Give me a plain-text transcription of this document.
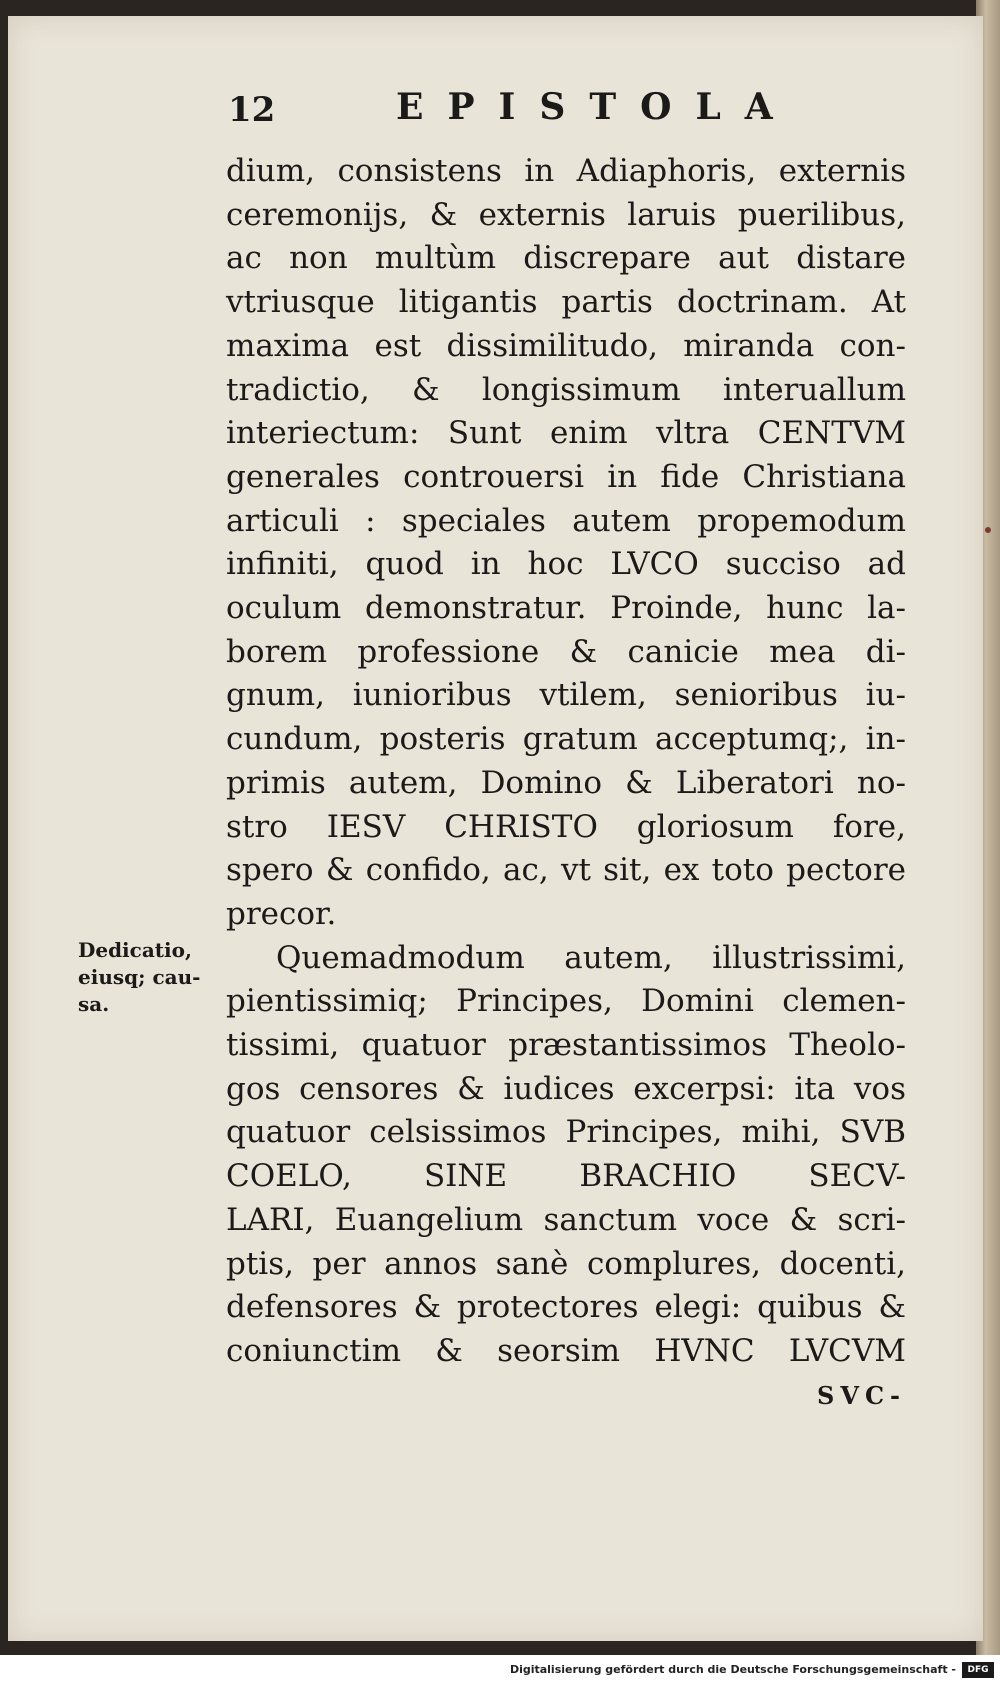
12	EPISTOLA
dium, consistens in Adiaphoris, externis
ceremonijs, & externis laruis puerilibus,
ac non multùm discrepare aut distare
vtriusque litigantis partis doctrinam. At
maxima est dissimilitudo, miranda con-
tradictio, & longissimum interuallum
interiectum: Sunt enim vltra CENTVM
generales controuersi in fide Christiana
articuli : speciales autem propemodum
infiniti, quod in hoc LVCO succiso ad
oculum demonstratur. Proinde, hunc la-
borem professione & canicie mea di-
gnum, iunioribus vtilem, senioribus iu-
cundum, posteris gratum acceptumq;, in-
primis autem, Domino & Liberatori no-
stro IESV CHRISTO gloriosum fore,
spero & confido, ac, vt sit, ex toto pectore
precor.
Quemadmodum autem, illustrissimi,
pientissimiq; Principes, Domini clemen-
tissimi, quatuor præstantissimos Theolo-
gos censores & iudices excerpsi: ita vos
quatuor celsissimos Principes, mihi, SVB
COELO, SINE BRACHIO SECV-
LARI, Euangelium sanctum voce & scri-
ptis, per annos sanè complures, docenti,
defensores & protectores elegi: quibus &
coniunctim & seorsim HVNC LVCVM
SVC-
Dedicatio,
eiusq; cau-
sa.
Digitalisierung gefördert durch die Deutsche Forschungsgemeinschaft -	DFG
